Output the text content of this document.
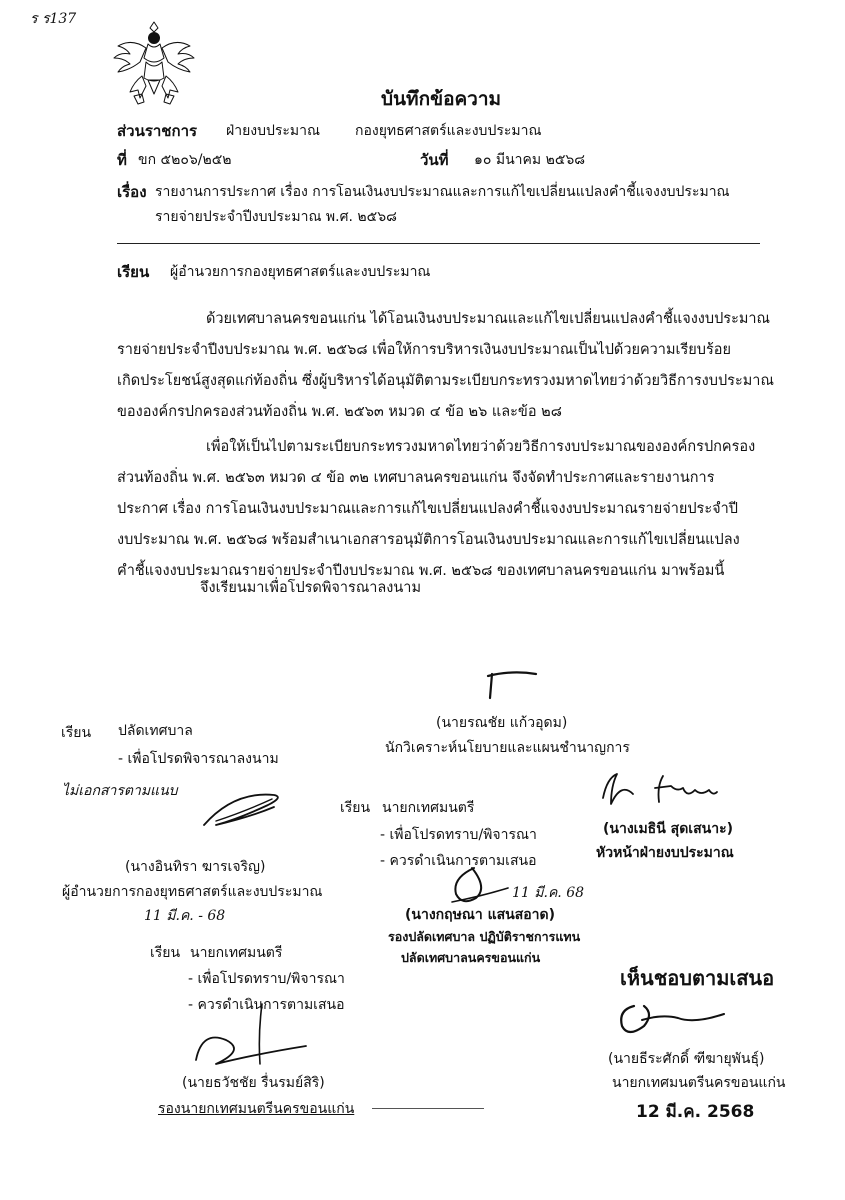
ร ร137
บันทึกข้อความ
ส่วนราชการ ฝ่ายงบประมาณ	กองยุทธศาสตร์และงบประมาณ
ที่ ขก ๕๒๐๖/๒๕๒	วันที่ ๑๐ มีนาคม ๒๕๖๘
เรื่อง รายงานการประกาศ เรื่อง การโอนเงินงบประมาณและการแก้ไขเปลี่ยนแปลงคำชี้แจงงบประมาณ
รายจ่ายประจำปีงบประมาณ พ.ศ. ๒๕๖๘
เรียน ผู้อำนวยการกองยุทธศาสตร์และงบประมาณ
ด้วยเทศบาลนครขอนแก่น ได้โอนเงินงบประมาณและแก้ไขเปลี่ยนแปลงคำชี้แจงงบประมาณ
รายจ่ายประจำปีงบประมาณ พ.ศ. ๒๕๖๘ เพื่อให้การบริหารเงินงบประมาณเป็นไปด้วยความเรียบร้อย
เกิดประโยชน์สูงสุดแก่ท้องถิ่น ซึ่งผู้บริหารได้อนุมัติตามระเบียบกระทรวงมหาดไทยว่าด้วยวิธีการงบประมาณ
ขององค์กรปกครองส่วนท้องถิ่น พ.ศ. ๒๕๖๓ หมวด ๔ ข้อ ๒๖ และข้อ ๒๘
เพื่อให้เป็นไปตามระเบียบกระทรวงมหาดไทยว่าด้วยวิธีการงบประมาณขององค์กรปกครอง
ส่วนท้องถิ่น พ.ศ. ๒๕๖๓ หมวด ๔ ข้อ ๓๒ เทศบาลนครขอนแก่น จึงจัดทำประกาศและรายงานการ
ประกาศ เรื่อง การโอนเงินงบประมาณและการแก้ไขเปลี่ยนแปลงคำชี้แจงงบประมาณรายจ่ายประจำปี
งบประมาณ พ.ศ. ๒๕๖๘ พร้อมสำเนาเอกสารอนุมัติการโอนเงินงบประมาณและการแก้ไขเปลี่ยนแปลง
คำชี้แจงงบประมาณรายจ่ายประจำปีงบประมาณ พ.ศ. ๒๕๖๘ ของเทศบาลนครขอนแก่น มาพร้อมนี้
จึงเรียนมาเพื่อโปรดพิจารณาลงนาม
(นายรณชัย แก้วอุดม)
นักวิเคราะห์นโยบายและแผนชำนาญการ
เรียน ปลัดเทศบาล
- เพื่อโปรดพิจารณาลงนาม
ไม่เอกสารตามแนบ
(นางอินทิรา ฆารเจริญ)
ผู้อำนวยการกองยุทธศาสตร์และงบประมาณ
11 มี.ค. - 68
เรียน นายกเทศมนตรี
- เพื่อโปรดทราบ/พิจารณา
- ควรดำเนินการตามเสนอ
11 มี.ค. 68
(นางกฤษณา แสนสอาด)
รองปลัดเทศบาล ปฏิบัติราชการแทน
ปลัดเทศบาลนครขอนแก่น
(นางเมธินี สุดเสนาะ)
หัวหน้าฝ่ายงบประมาณ
เรียน นายกเทศมนตรี
- เพื่อโปรดทราบ/พิจารณา
- ควรดำเนินการตามเสนอ
(นายธวัชชัย รื่นรมย์สิริ)
รองนายกเทศมนตรีนครขอนแก่น
เห็นชอบตามเสนอ
(นายธีระศักดิ์ ฑีฆายุพันธุ์)
นายกเทศมนตรีนครขอนแก่น
12 มี.ค. 2568
